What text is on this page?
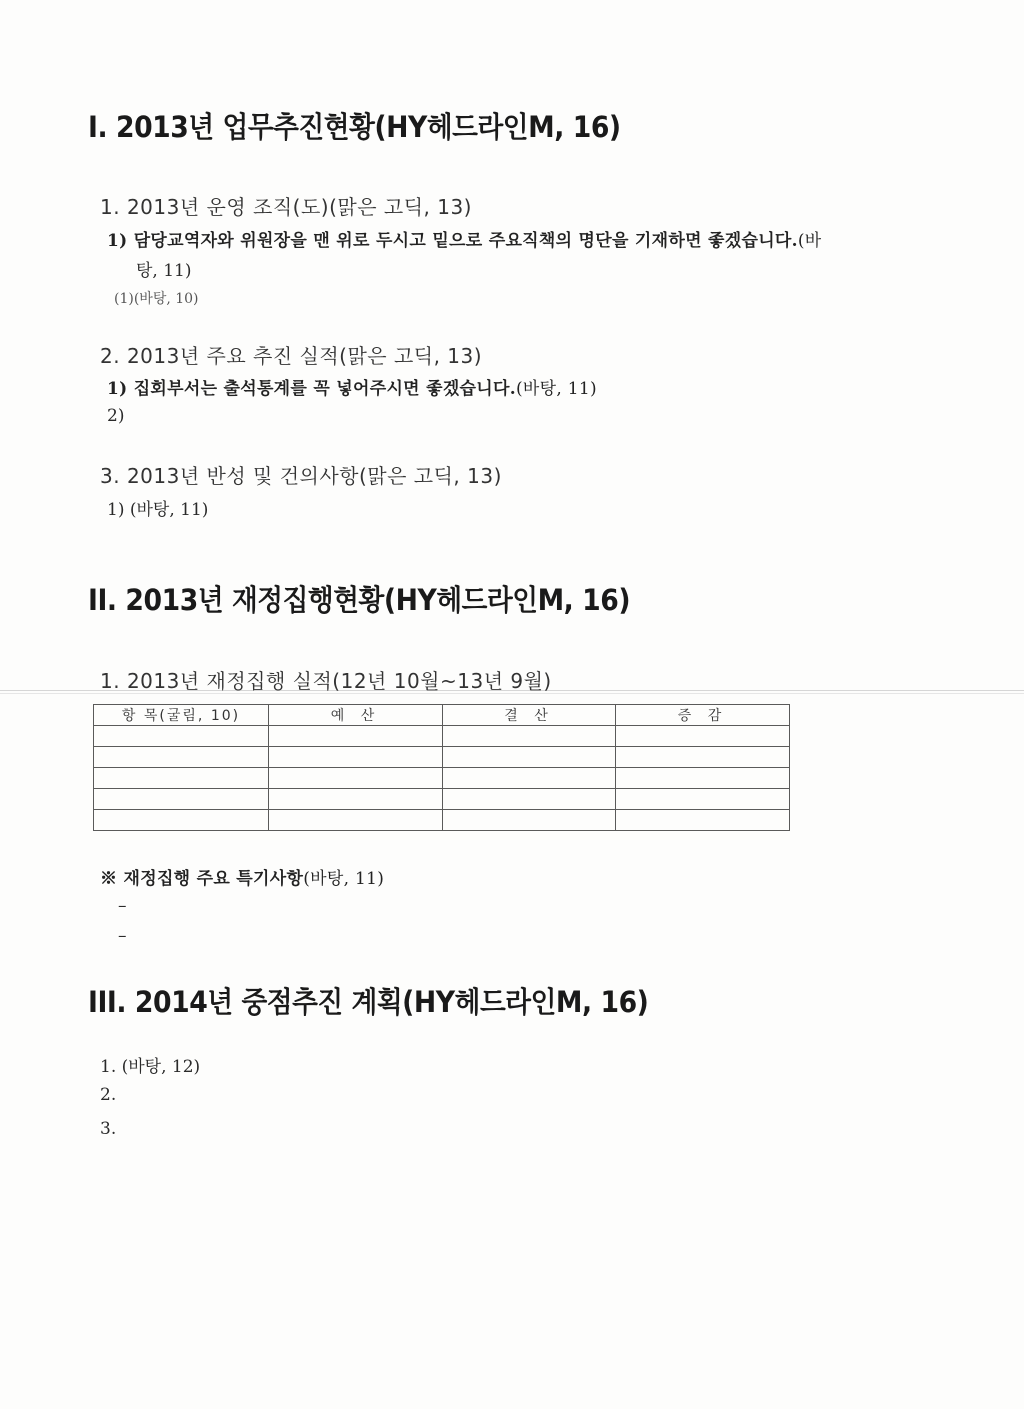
I. 2013년 업무추진현황(HY헤드라인M, 16)
1. 2013년 운영 조직(도)(맑은 고딕, 13)
1) 담당교역자와 위원장을 맨 위로 두시고 밑으로 주요직책의 명단을 기재하면 좋겠습니다.(바
탕, 11)
(1)(바탕, 10)
2. 2013년 주요 추진 실적(맑은 고딕, 13)
1) 집회부서는 출석통계를 꼭 넣어주시면 좋겠습니다.(바탕, 11)
2)
3. 2013년 반성 및 건의사항(맑은 고딕, 13)
1) (바탕, 11)
II. 2013년 재정집행현황(HY헤드라인M, 16)
1. 2013년 재정집행 실적(12년 10월~13년 9월)
항 목(굴림, 10)	예 산	결 산	증 감

※ 재정집행 주요 특기사항(바탕, 11)
–
–
III. 2014년 중점추진 계획(HY헤드라인M, 16)
1. (바탕, 12)
2.
3.
